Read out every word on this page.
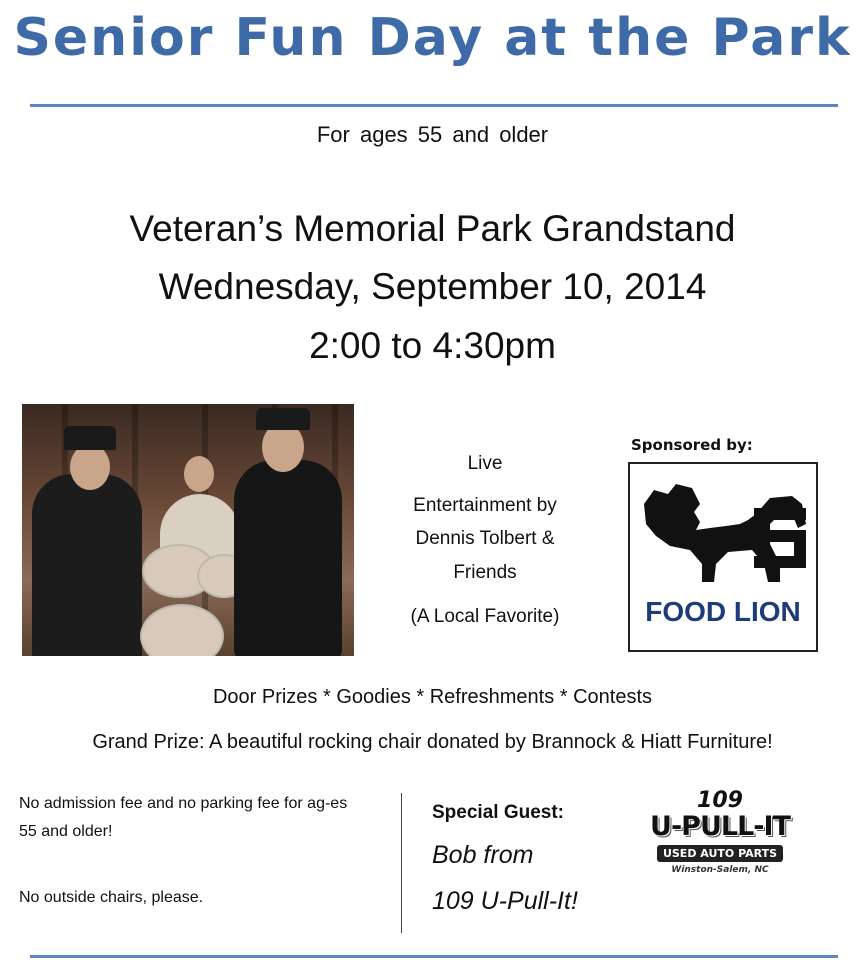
Senior Fun Day at the Park
For ages 55 and older
Veteran’s Memorial Park Grandstand
Wednesday, September 10, 2014
2:00 to 4:30pm
Live
Entertainment by
Dennis Tolbert &
Friends
(A Local Favorite)
Sponsored by:
FOOD LION
Door Prizes * Goodies * Refreshments * Contests
Grand Prize: A beautiful rocking chair donated by Brannock & Hiatt Furniture!
No admission fee and no parking fee for ag-es 55 and older!
No outside chairs, please.
Special Guest:
Bob from
109 U-Pull-It!
109
U-PULL-IT
USED AUTO PARTS
Winston-Salem, NC
